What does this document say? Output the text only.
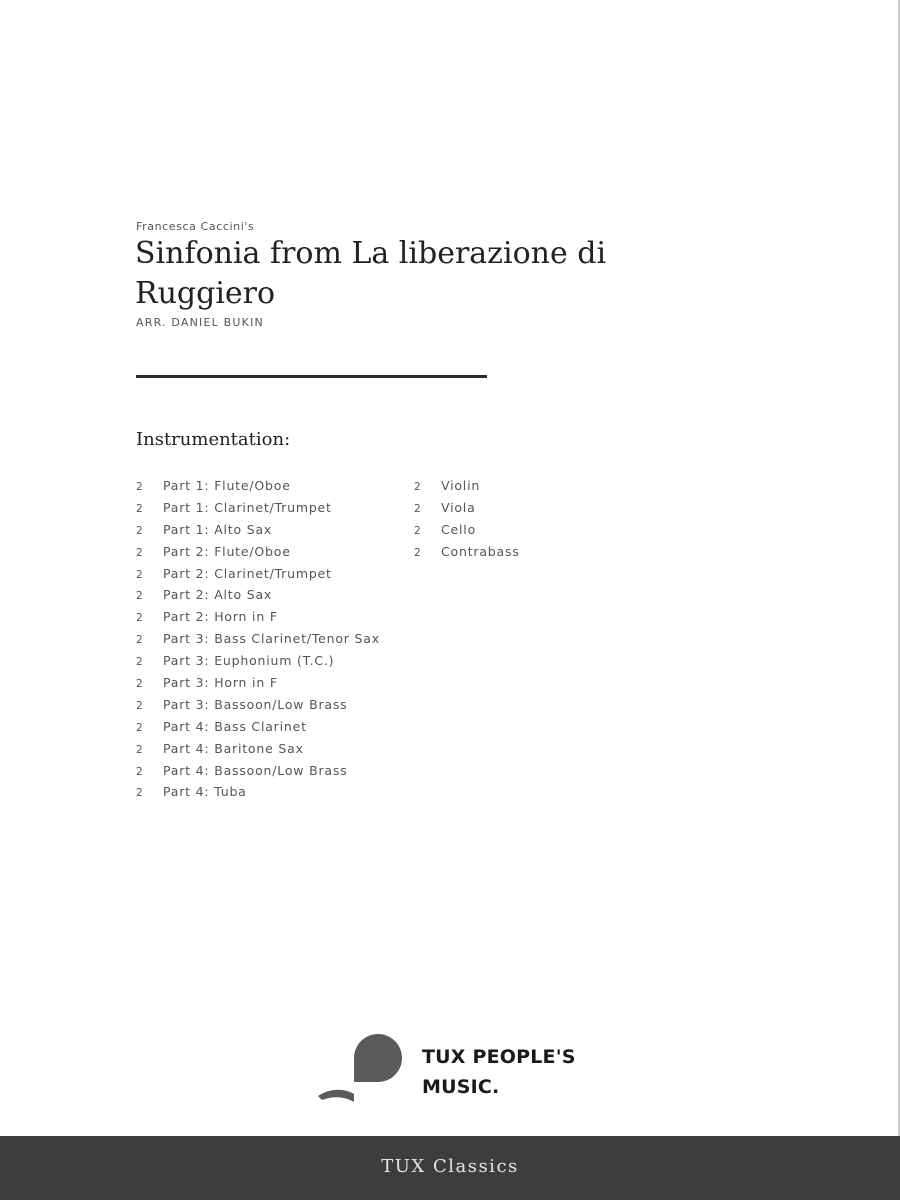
Francesca Caccini's
Sinfonia from La liberazione di Ruggiero
ARR. DANIEL BUKIN
Instrumentation:
2 Part 1: Flute/Oboe
2 Part 1: Clarinet/Trumpet
2 Part 1: Alto Sax
2 Part 2: Flute/Oboe
2 Part 2: Clarinet/Trumpet
2 Part 2: Alto Sax
2 Part 2: Horn in F
2 Part 3: Bass Clarinet/Tenor Sax
2 Part 3: Euphonium (T.C.)
2 Part 3: Horn in F
2 Part 3: Bassoon/Low Brass
2 Part 4: Bass Clarinet
2 Part 4: Baritone Sax
2 Part 4: Bassoon/Low Brass
2 Part 4: Tuba
2 Violin
2 Viola
2 Cello
2 Contrabass
TUX PEOPLE'S
MUSIC.
TUX Classics
